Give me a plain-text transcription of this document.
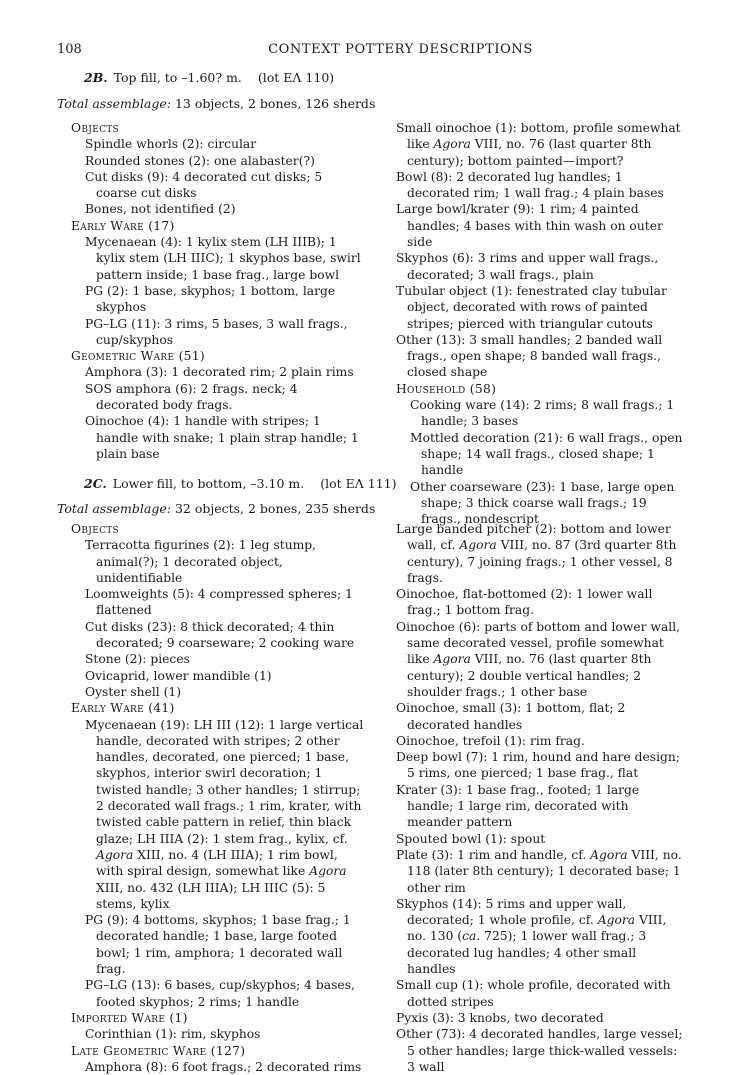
108	CONTEXT POTTERY DESCRIPTIONS
2B. Top fill, to –1.60? m. (lot ΕΛ 110)
Total assemblage: 13 objects, 2 bones, 126 sherds
Objects
Spindle whorls (2): circular
Rounded stones (2): one alabaster(?)
Cut disks (9): 4 decorated cut disks; 5 coarse cut disks
Bones, not identified (2)
Early Ware (17)
Mycenaean (4): 1 kylix stem (LH IIIB); 1 kylix stem (LH IIIC); 1 skyphos base, swirl pattern inside; 1 base frag., large bowl
PG (2): 1 base, skyphos; 1 bottom, large skyphos
PG–LG (11): 3 rims, 5 bases, 3 wall frags., cup/skyphos
Geometric Ware (51)
Amphora (3): 1 decorated rim; 2 plain rims
SOS amphora (6): 2 frags. neck; 4 decorated body frags.
Oinochoe (4): 1 handle with stripes; 1 handle with snake; 1 plain strap handle; 1 plain base
Small oinochoe (1): bottom, profile somewhat like Agora VIII, no. 76 (last quarter 8th century); bottom painted—import?
Bowl (8): 2 decorated lug handles; 1 decorated rim; 1 wall frag.; 4 plain bases
Large bowl/krater (9): 1 rim; 4 painted handles; 4 bases with thin wash on outer side
Skyphos (6): 3 rims and upper wall frags., decorated; 3 wall frags., plain
Tubular object (1): fenestrated clay tubular object, decorated with rows of painted stripes; pierced with triangular cutouts
Other (13): 3 small handles; 2 banded wall frags., open shape; 8 banded wall frags., closed shape
Household (58)
Cooking ware (14): 2 rims; 8 wall frags.; 1 handle; 3 bases
Mottled decoration (21): 6 wall frags., open shape; 14 wall frags., closed shape; 1 handle
Other coarseware (23): 1 base, large open shape; 3 thick coarse wall frags.; 19 frags., nondescript
2C. Lower fill, to bottom, –3.10 m. (lot ΕΛ 111)
Total assemblage: 32 objects, 2 bones, 235 sherds
Objects
Terracotta figurines (2): 1 leg stump, animal(?); 1 decorated object, unidentifiable
Loomweights (5): 4 compressed spheres; 1 flattened
Cut disks (23): 8 thick decorated; 4 thin decorated; 9 coarseware; 2 cooking ware
Stone (2): pieces
Ovicaprid, lower mandible (1)
Oyster shell (1)
Early Ware (41)
Mycenaean (19): LH III (12): 1 large vertical handle, decorated with stripes; 2 other handles, decorated, one pierced; 1 base, skyphos, interior swirl decoration; 1 twisted handle; 3 other handles; 1 stirrup; 2 decorated wall frags.; 1 rim, krater, with twisted cable pattern in relief, thin black glaze; LH IIIA (2): 1 stem frag., kylix, cf. Agora XIII, no. 4 (LH IIIA); 1 rim bowl, with spiral design, somewhat like Agora XIII, no. 432 (LH IIIA); LH IIIC (5): 5 stems, kylix
PG (9): 4 bottoms, skyphos; 1 base frag.; 1 decorated handle; 1 base, large footed bowl; 1 rim, amphora; 1 decorated wall frag.
PG–LG (13): 6 bases, cup/skyphos; 4 bases, footed skyphos; 2 rims; 1 handle
Imported Ware (1)
Corinthian (1): rim, skyphos
Late Geometric Ware (127)
Amphora (8): 6 foot frags.; 2 decorated rims
Large banded pitcher (2): bottom and lower wall, cf. Agora VIII, no. 87 (3rd quarter 8th century), 7 joining frags.; 1 other vessel, 8 frags.
Oinochoe, flat-bottomed (2): 1 lower wall frag.; 1 bottom frag.
Oinochoe (6): parts of bottom and lower wall, same decorated vessel, profile somewhat like Agora VIII, no. 76 (last quarter 8th century); 2 double vertical handles; 2 shoulder frags.; 1 other base
Oinochoe, small (3): 1 bottom, flat; 2 decorated handles
Oinochoe, trefoil (1): rim frag.
Deep bowl (7): 1 rim, hound and hare design; 5 rims, one pierced; 1 base frag., flat
Krater (3): 1 base frag., footed; 1 large handle; 1 large rim, decorated with meander pattern
Spouted bowl (1): spout
Plate (3): 1 rim and handle, cf. Agora VIII, no. 118 (later 8th century); 1 decorated base; 1 other rim
Skyphos (14): 5 rims and upper wall, decorated; 1 whole profile, cf. Agora VIII, no. 130 (ca. 725); 1 lower wall frag.; 3 decorated lug handles; 4 other small handles
Small cup (1): whole profile, decorated with dotted stripes
Pyxis (3): 3 knobs, two decorated
Other (73): 4 decorated handles, large vessel; 5 other handles; large thick-walled vessels: 3 wall
